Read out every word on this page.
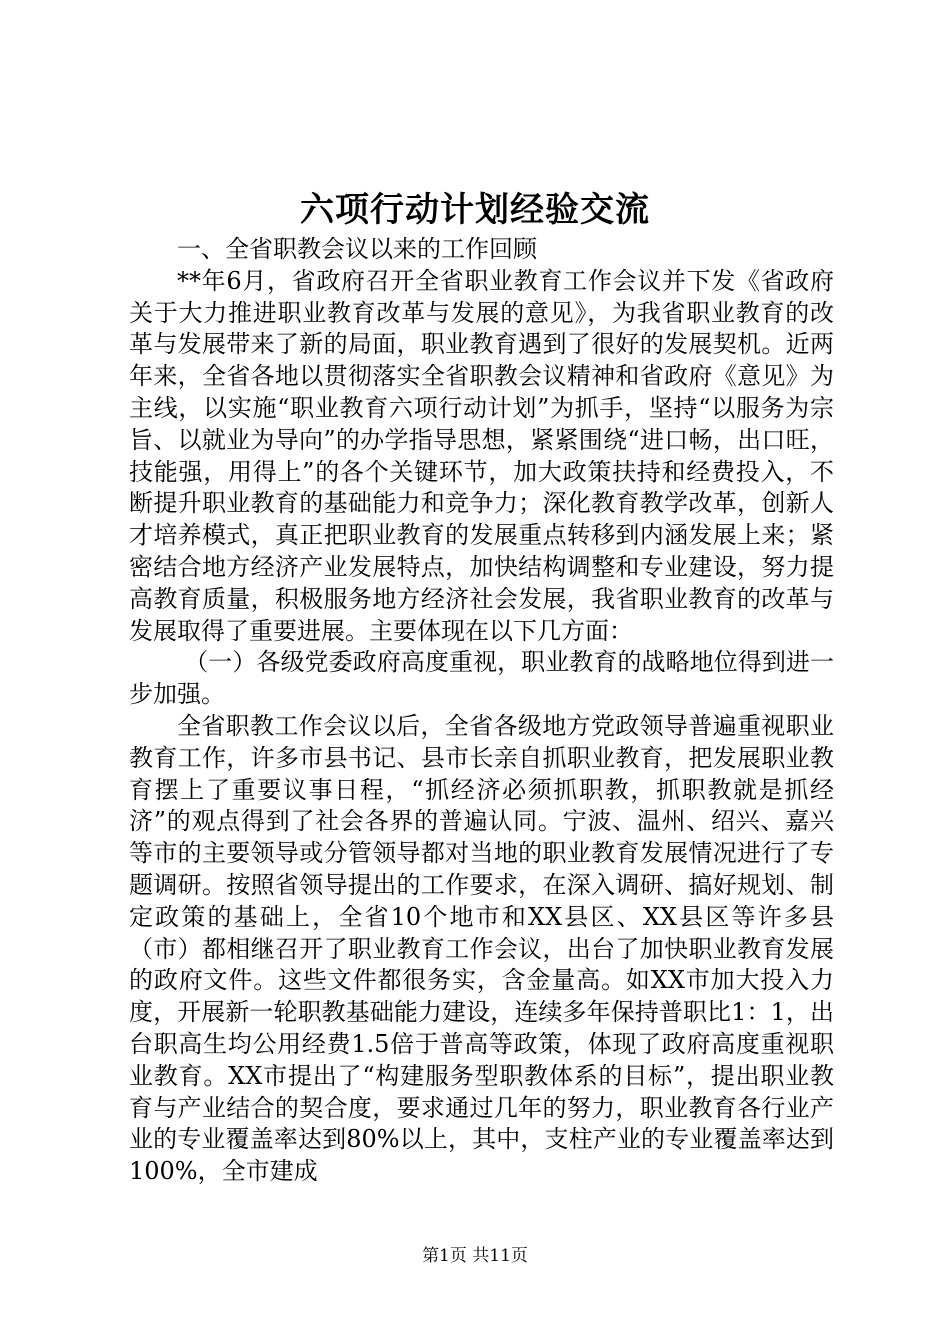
六项行动计划经验交流

一、全省职教会议以来的工作回顾

**年6月，省政府召开全省职业教育工作会议并下发《省政府关于大力推进职业教育改革与发展的意见》，为我省职业教育的改革与发展带来了新的局面，职业教育遇到了很好的发展契机。近两年来，全省各地以贯彻落实全省职教会议精神和省政府《意见》为主线，以实施“职业教育六项行动计划”为抓手，坚持“以服务为宗旨、以就业为导向”的办学指导思想，紧紧围绕“进口畅，出口旺，技能强，用得上”的各个关键环节，加大政策扶持和经费投入，不断提升职业教育的基础能力和竞争力；深化教育教学改革，创新人才培养模式，真正把职业教育的发展重点转移到内涵发展上来；紧密结合地方经济产业发展特点，加快结构调整和专业建设，努力提高教育质量，积极服务地方经济社会发展，我省职业教育的改革与发展取得了重要进展。主要体现在以下几方面：

（一）各级党委政府高度重视，职业教育的战略地位得到进一步加强。

全省职教工作会议以后，全省各级地方党政领导普遍重视职业教育工作，许多市县书记、县市长亲自抓职业教育，把发展职业教育摆上了重要议事日程，“抓经济必须抓职教，抓职教就是抓经济”的观点得到了社会各界的普遍认同。宁波、温州、绍兴、嘉兴等市的主要领导或分管领导都对当地的职业教育发展情况进行了专题调研。按照省领导提出的工作要求，在深入调研、搞好规划、制定政策的基础上，全省10个地市和XX县区、XX县区等许多县（市）都相继召开了职业教育工作会议，出台了加快职业教育发展的政府文件。这些文件都很务实，含金量高。如XX市加大投入力度，开展新一轮职教基础能力建设，连续多年保持普职比1：1，出台职高生均公用经费1.5倍于普高等政策，体现了政府高度重视职业教育。XX市提出了“构建服务型职教体系的目标”，提出职业教育与产业结合的契合度，要求通过几年的努力，职业教育各行业产业的专业覆盖率达到80%以上，其中，支柱产业的专业覆盖率达到100%，全市建成

第1页 共11页
